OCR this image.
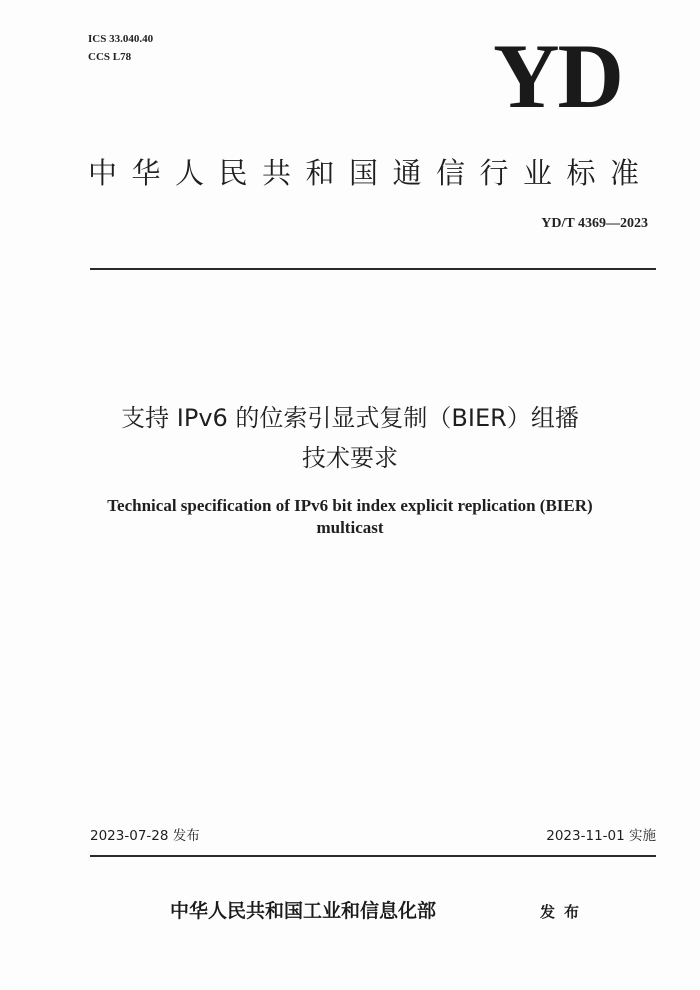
ICS 33.040.40
CCS L78	YD
中华人民共和国通信行业标准
YD/T 4369—2023
支持 IPv6 的位索引显式复制（BIER）组播
技术要求
Technical specification of IPv6 bit index explicit replication (BIER)
multicast
2023-07-28 发布	2023-11-01 实施
中华人民共和国工业和信息化部	发布
